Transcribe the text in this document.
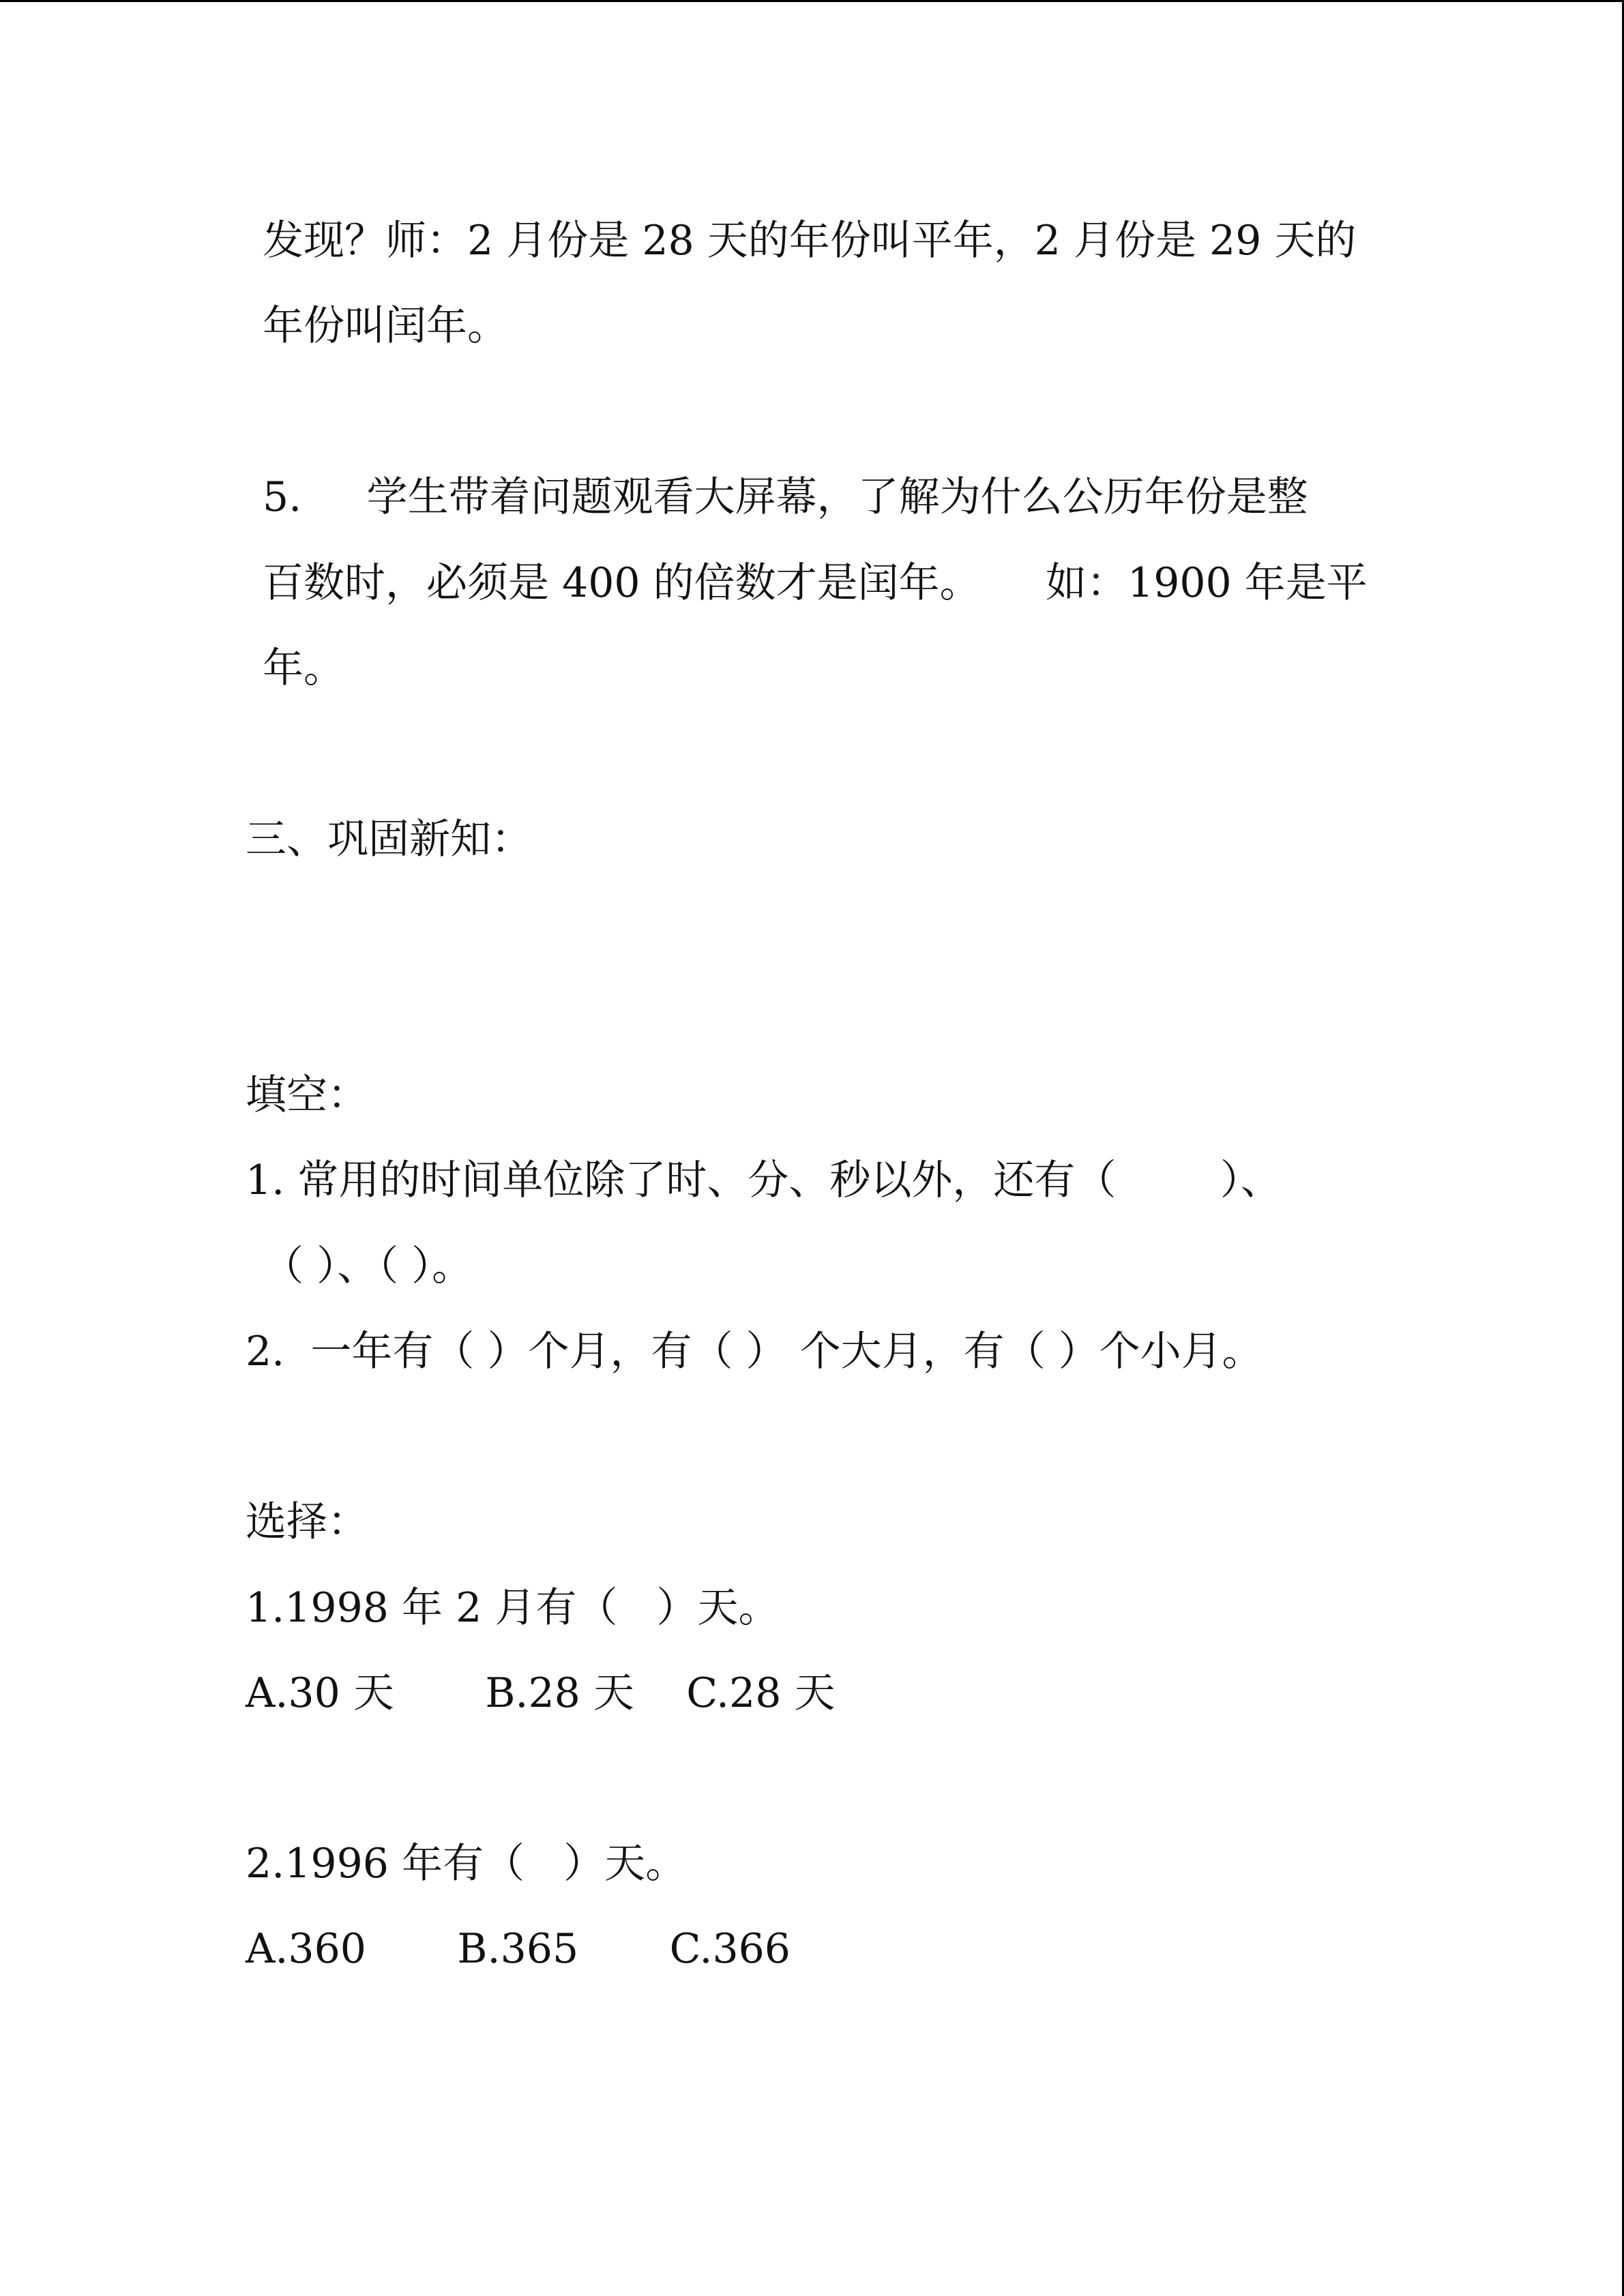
发现？师：2 月份是 28 天的年份叫平年，2 月份是 29 天的
年份叫闰年。
5.     学生带着问题观看大屏幕，了解为什么公历年份是整
百数时，必须是 400 的倍数才是闰年。     如：1900 年是平
年。
三、巩固新知：
填空：
1. 常用的时间单位除了时、分、秒以外，还有（        ）、
（ ）、（ ）。
2.  一年有（ ）个月，有（ ） 个大月，有（ ）个小月。
选择：
1.1998 年 2 月有（   ）天。
A.30 天       B.28 天    C.28 天
2.1996 年有（   ）天。
A.360       B.365       C.366
